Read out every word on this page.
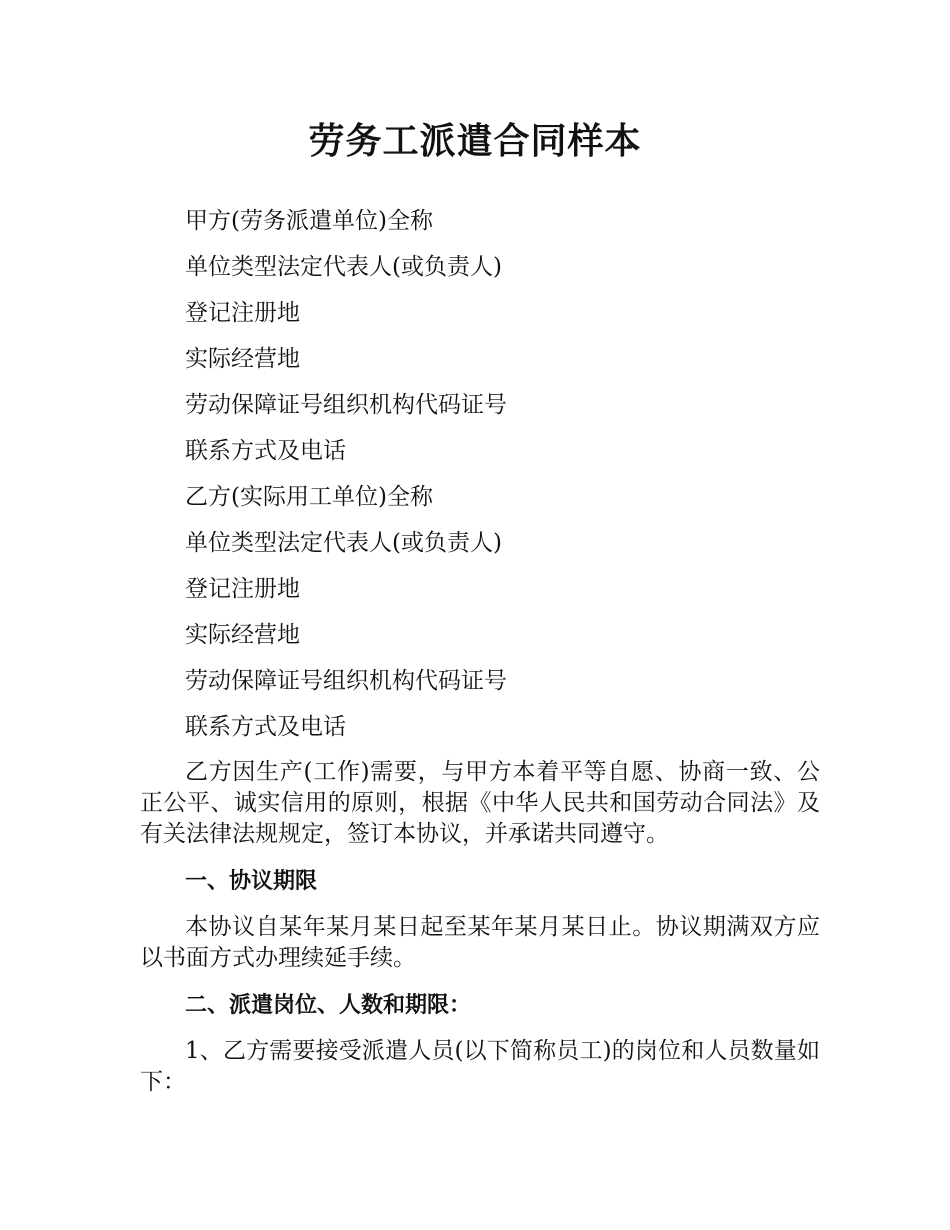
劳务工派遣合同样本

甲方(劳务派遣单位)全称

单位类型法定代表人(或负责人)

登记注册地

实际经营地

劳动保障证号组织机构代码证号

联系方式及电话

乙方(实际用工单位)全称

单位类型法定代表人(或负责人)

登记注册地

实际经营地

劳动保障证号组织机构代码证号

联系方式及电话

乙方因生产(工作)需要，与甲方本着平等自愿、协商一致、公正公平、诚实信用的原则，根据《中华人民共和国劳动合同法》及有关法律法规规定，签订本协议，并承诺共同遵守。

一、协议期限

本协议自某年某月某日起至某年某月某日止。协议期满双方应以书面方式办理续延手续。

二、派遣岗位、人数和期限：

1、乙方需要接受派遣人员(以下简称员工)的岗位和人员数量如下：
